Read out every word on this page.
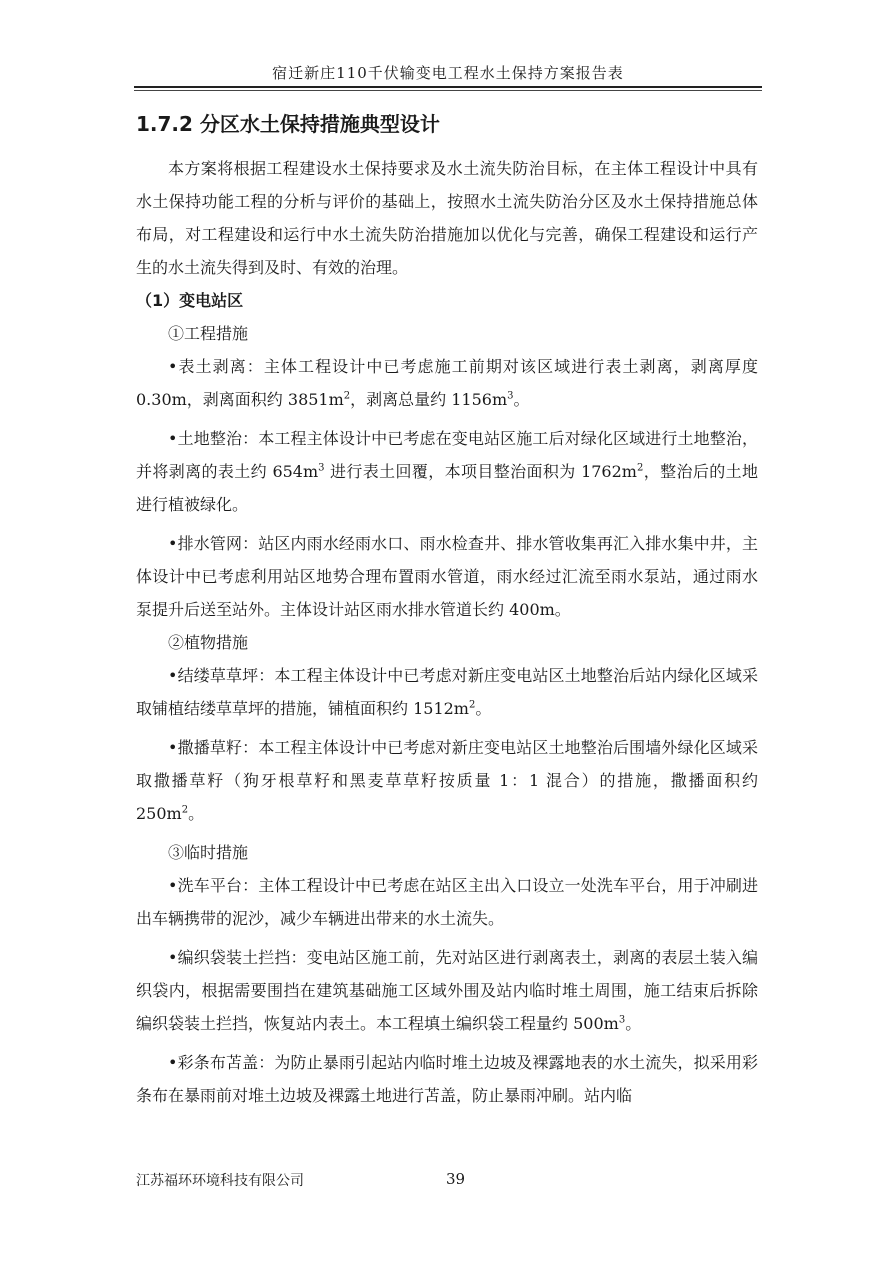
宿迁新庄110千伏输变电工程水土保持方案报告表
1.7.2 分区水土保持措施典型设计

本方案将根据工程建设水土保持要求及水土流失防治目标，在主体工程设计中具有水土保持功能工程的分析与评价的基础上，按照水土流失防治分区及水土保持措施总体布局，对工程建设和运行中水土流失防治措施加以优化与完善，确保工程建设和运行产生的水土流失得到及时、有效的治理。

（1）变电站区

①工程措施

•表土剥离：主体工程设计中已考虑施工前期对该区域进行表土剥离，剥离厚度 0.30m，剥离面积约 $3851m^2$，剥离总量约 $1156m^3$。

•土地整治：本工程主体设计中已考虑在变电站区施工后对绿化区域进行土地整治，并将剥离的表土约 $654m^3$ 进行表土回覆，本项目整治面积为 $1762m^2$，整治后的土地进行植被绿化。

•排水管网：站区内雨水经雨水口、雨水检查井、排水管收集再汇入排水集中井，主体设计中已考虑利用站区地势合理布置雨水管道，雨水经过汇流至雨水泵站，通过雨水泵提升后送至站外。主体设计站区雨水排水管道长约 400m。

②植物措施

•结缕草草坪：本工程主体设计中已考虑对新庄变电站区土地整治后站内绿化区域采取铺植结缕草草坪的措施，铺植面积约 $1512m^2$。

•撒播草籽：本工程主体设计中已考虑对新庄变电站区土地整治后围墙外绿化区域采取撒播草籽（狗牙根草籽和黑麦草草籽按质量 1：1 混合）的措施，撒播面积约 $250m^2$。

③临时措施

•洗车平台：主体工程设计中已考虑在站区主出入口设立一处洗车平台，用于冲刷进出车辆携带的泥沙，减少车辆进出带来的水土流失。

•编织袋装土拦挡：变电站区施工前，先对站区进行剥离表土，剥离的表层土装入编织袋内，根据需要围挡在建筑基础施工区域外围及站内临时堆土周围，施工结束后拆除编织袋装土拦挡，恢复站内表土。本工程填土编织袋工程量约 $500m^3$。

•彩条布苫盖：为防止暴雨引起站内临时堆土边坡及裸露地表的水土流失，拟采用彩条布在暴雨前对堆土边坡及裸露土地进行苫盖，防止暴雨冲刷。站内临

江苏福环环境科技有限公司	39
